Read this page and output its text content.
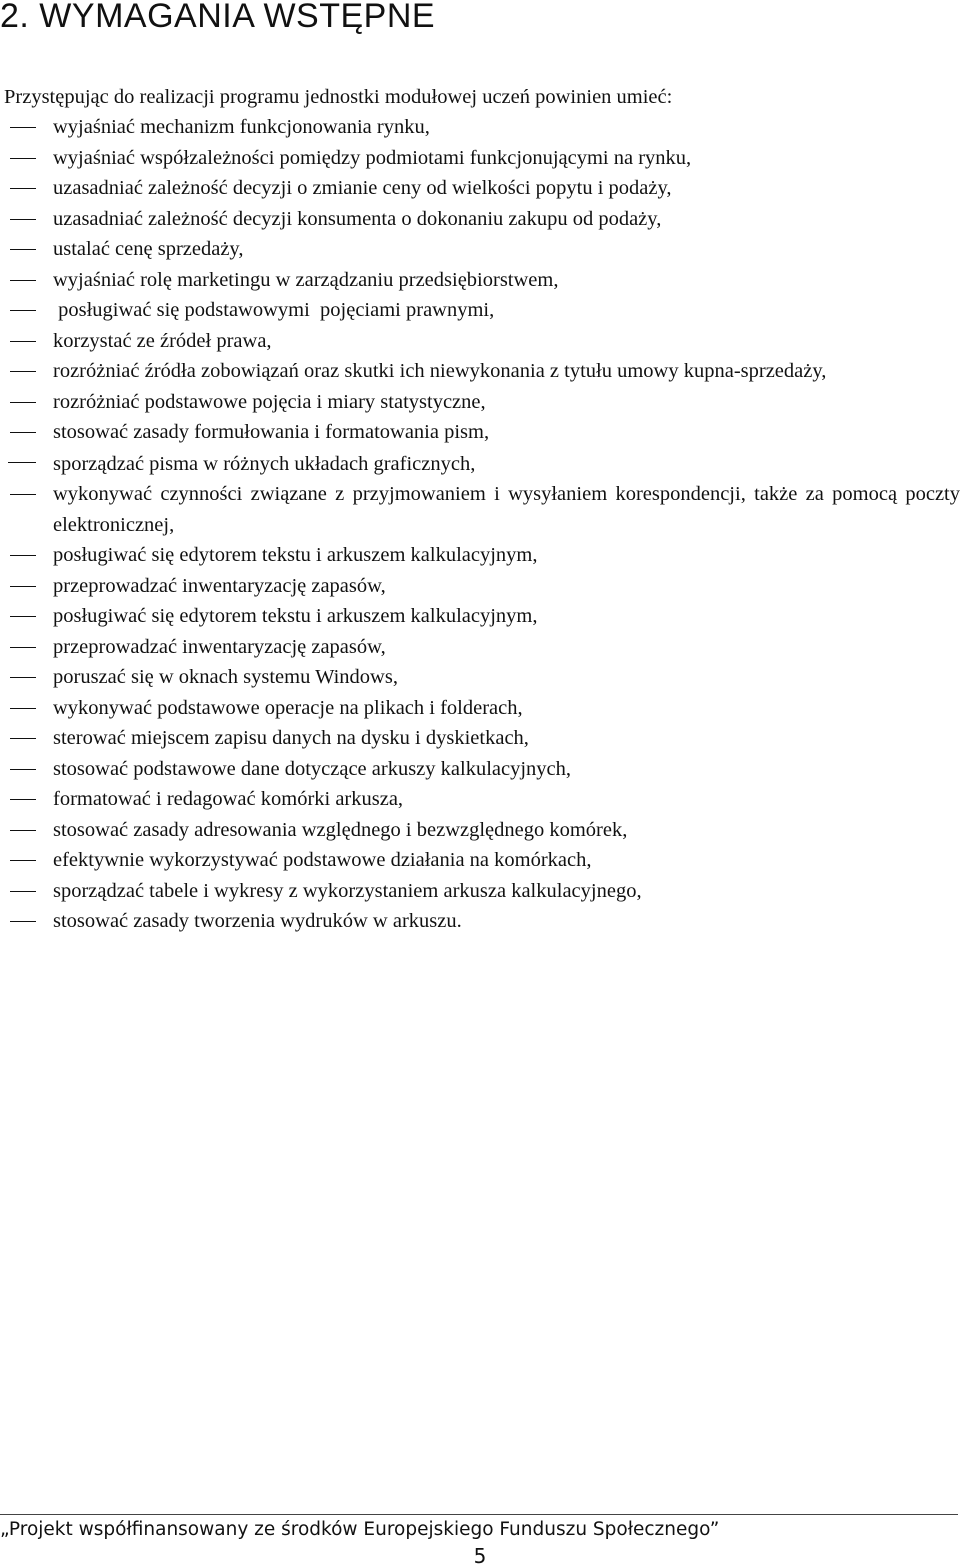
2. WYMAGANIA WSTĘPNE

Przystępując do realizacji programu jednostki modułowej uczeń powinien umieć:

wyjaśniać mechanizm funkcjonowania rynku,
wyjaśniać współzależności pomiędzy podmiotami funkcjonującymi na rynku,
uzasadniać zależność decyzji o zmianie ceny od wielkości popytu i podaży,
uzasadniać zależność decyzji konsumenta o dokonaniu zakupu od podaży,
ustalać cenę sprzedaży,
wyjaśniać rolę marketingu w zarządzaniu przedsiębiorstwem,
posługiwać się podstawowymi  pojęciami prawnymi,
korzystać ze źródeł prawa,
rozróżniać źródła zobowiązań oraz skutki ich niewykonania z tytułu umowy kupna-sprzedaży,
rozróżniać podstawowe pojęcia i miary statystyczne,
stosować zasady formułowania i formatowania pism,
sporządzać pisma w różnych układach graficznych,
wykonywać czynności związane z przyjmowaniem i wysyłaniem korespondencji, także za pomocą poczty elektronicznej,
posługiwać się edytorem tekstu i arkuszem kalkulacyjnym,
przeprowadzać inwentaryzację zapasów,
posługiwać się edytorem tekstu i arkuszem kalkulacyjnym,
przeprowadzać inwentaryzację zapasów,
poruszać się w oknach systemu Windows,
wykonywać podstawowe operacje na plikach i folderach,
sterować miejscem zapisu danych na dysku i dyskietkach,
stosować podstawowe dane dotyczące arkuszy kalkulacyjnych,
formatować i redagować komórki arkusza,
stosować zasady adresowania względnego i bezwzględnego komórek,
efektywnie wykorzystywać podstawowe działania na komórkach,
sporządzać tabele i wykresy z wykorzystaniem arkusza kalkulacyjnego,
stosować zasady tworzenia wydruków w arkuszu.
„Projekt współfinansowany ze środków Europejskiego Funduszu Społecznego”
5
